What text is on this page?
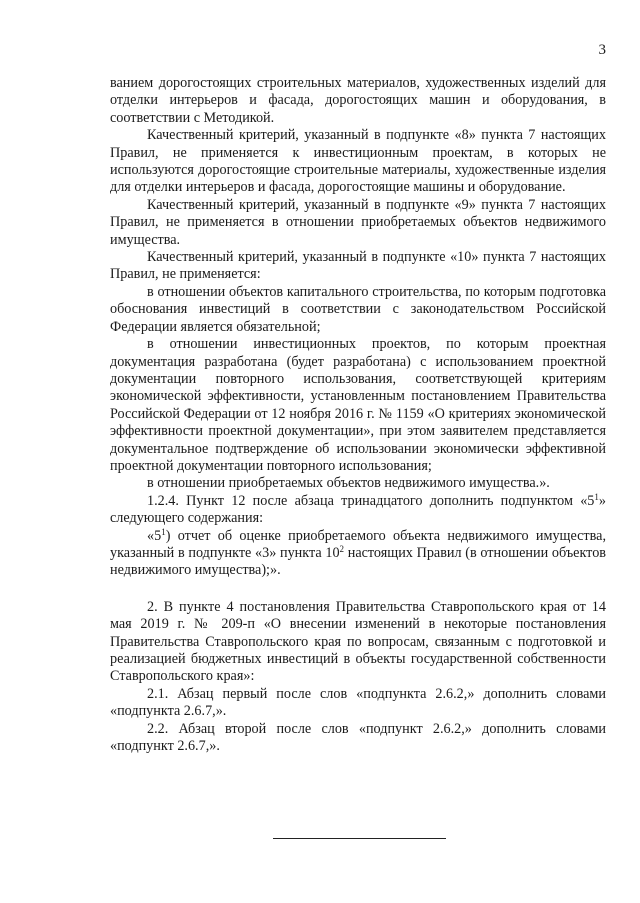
3

ванием дорогостоящих строительных материалов, художественных изделий для отделки интерьеров и фасада, дорогостоящих машин и оборудования, в соответствии с Методикой.

Качественный критерий, указанный в подпункте «8» пункта 7 настоящих Правил, не применяется к инвестиционным проектам, в которых не используются дорогостоящие строительные материалы, художественные изделия для отделки интерьеров и фасада, дорогостоящие машины и оборудование.

Качественный критерий, указанный в подпункте «9» пункта 7 настоящих Правил, не применяется в отношении приобретаемых объектов недвижимого имущества.

Качественный критерий, указанный в подпункте «10» пункта 7 настоящих Правил, не применяется:

в отношении объектов капитального строительства, по которым подготовка обоснования инвестиций в соответствии с законодательством Российской Федерации является обязательной;

в отношении инвестиционных проектов, по которым проектная документация разработана (будет разработана) с использованием проектной документации повторного использования, соответствующей критериям экономической эффективности, установленным постановлением Правительства Российской Федерации от 12 ноября 2016 г. № 1159 «О критериях экономической эффективности проектной документации», при этом заявителем представляется документальное подтверждение об использовании экономически эффективной проектной документации повторного использования;

в отношении приобретаемых объектов недвижимого имущества.».

1.2.4. Пункт 12 после абзаца тринадцатого дополнить подпунктом «$5^1$» следующего содержания:

«$5^1$) отчет об оценке приобретаемого объекта недвижимого имущества, указанный в подпункте «3» пункта $10^2$ настоящих Правил (в отношении объектов недвижимого имущества);».

2. В пункте 4 постановления Правительства Ставропольского края от 14 мая 2019 г. № 209-п «О внесении изменений в некоторые постановления Правительства Ставропольского края по вопросам, связанным с подготовкой и реализацией бюджетных инвестиций в объекты государственной собственности Ставропольского края»:

2.1. Абзац первый после слов «подпункта 2.6.2,» дополнить словами «подпункта 2.6.7,».

2.2. Абзац второй после слов «подпункт 2.6.2,» дополнить словами «подпункт 2.6.7,».
